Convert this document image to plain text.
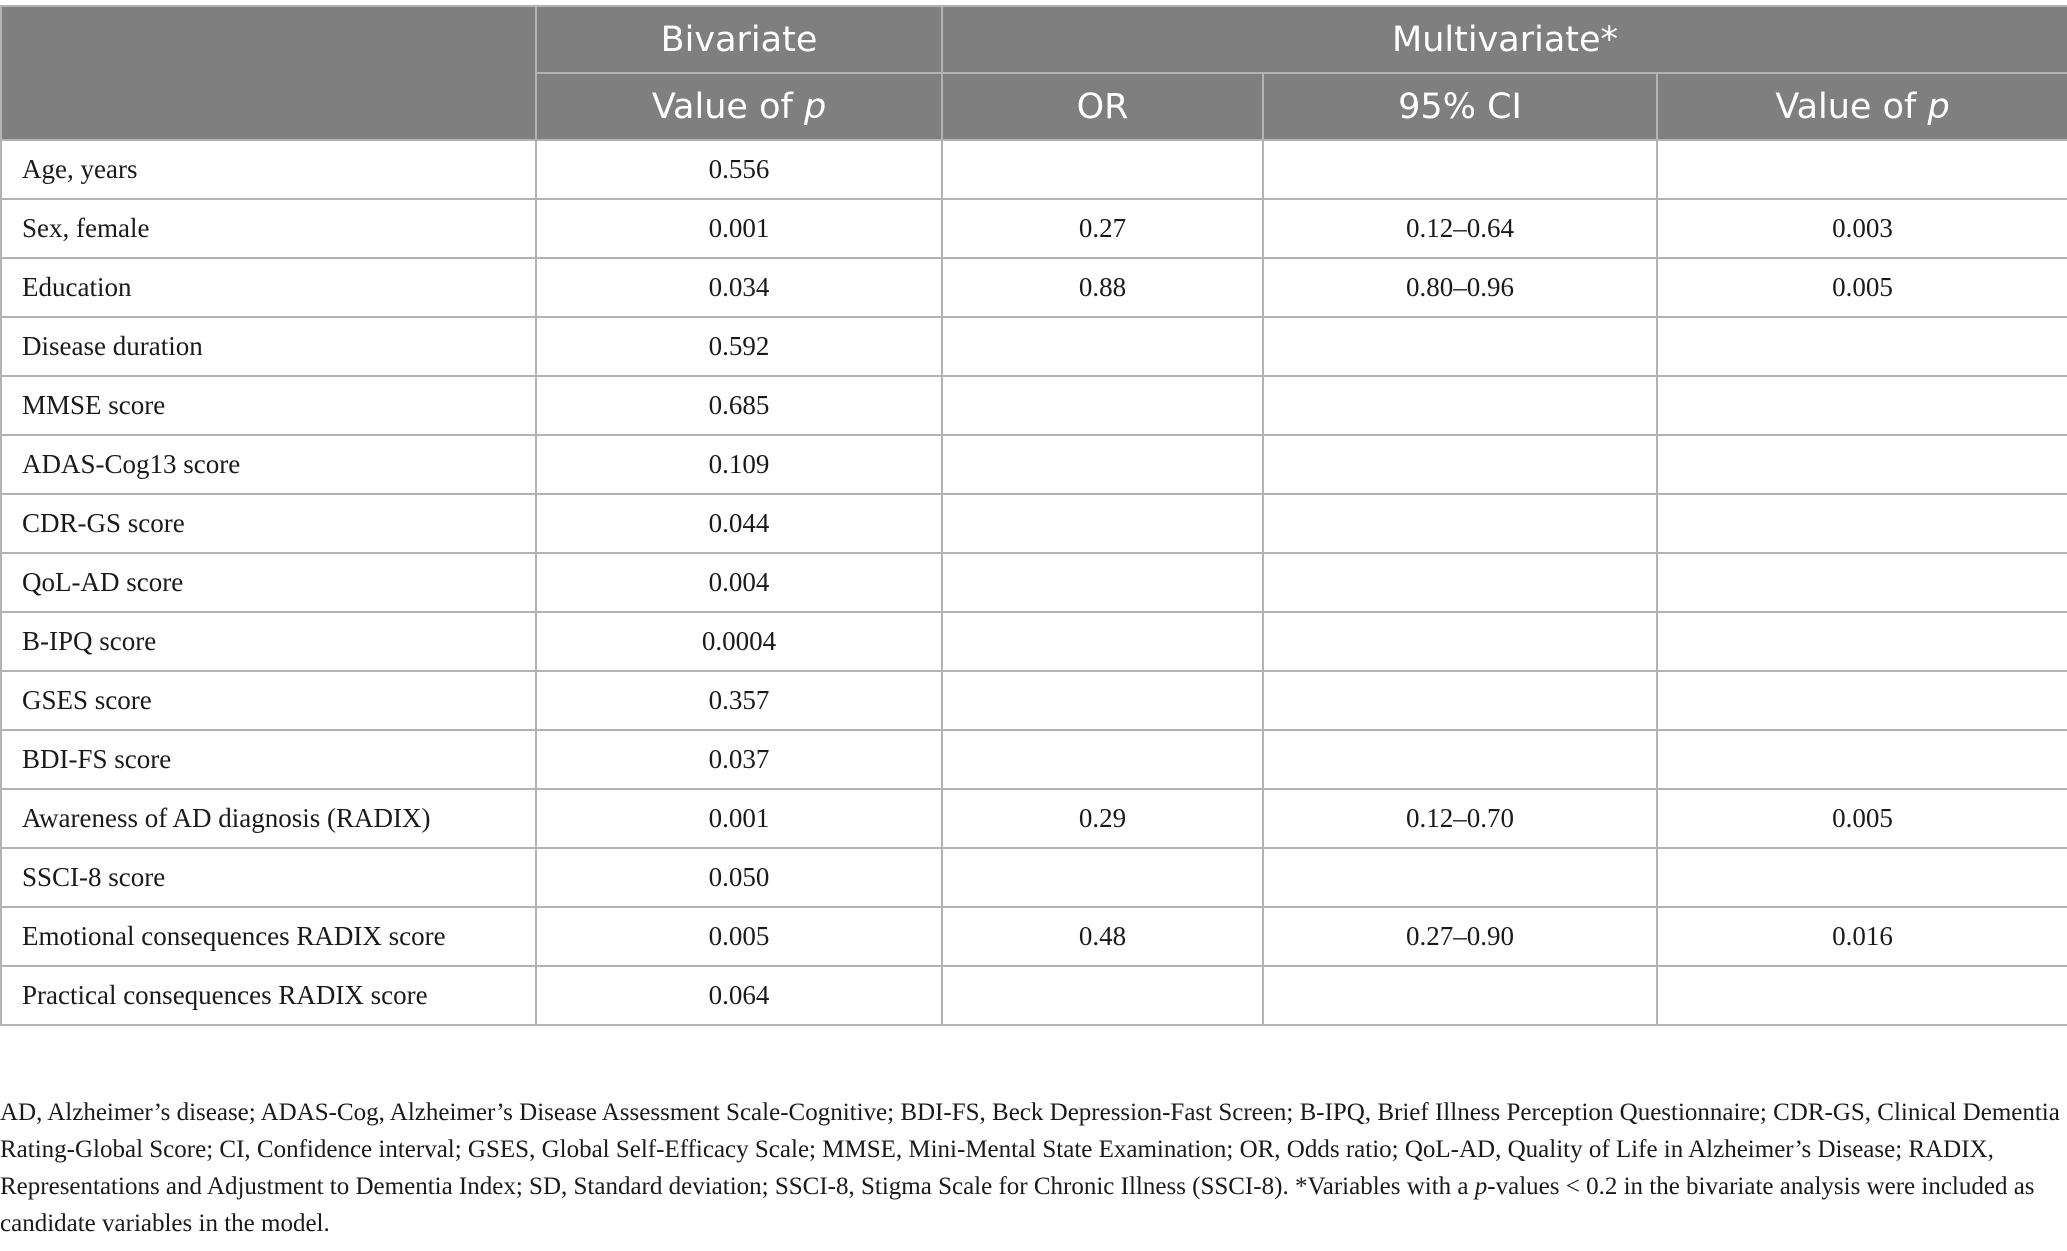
	Bivariate	Multivariate*		
	Value of p	OR	95% CI	Value of p
Age, years	0.556			
Sex, female	0.001	0.27	0.12–0.64	0.003
Education	0.034	0.88	0.80–0.96	0.005
Disease duration	0.592			
MMSE score	0.685			
ADAS-Cog13 score	0.109			
CDR-GS score	0.044			
QoL-AD score	0.004			
B-IPQ score	0.0004			
GSES score	0.357			
BDI-FS score	0.037			
Awareness of AD diagnosis (RADIX)	0.001	0.29	0.12–0.70	0.005
SSCI-8 score	0.050			
Emotional consequences RADIX score	0.005	0.48	0.27–0.90	0.016
Practical consequences RADIX score	0.064			
AD, Alzheimer’s disease; ADAS-Cog, Alzheimer’s Disease Assessment Scale-Cognitive; BDI-FS, Beck Depression-Fast Screen; B-IPQ, Brief Illness Perception Questionnaire; CDR-GS, Clinical Dementia Rating-Global Score; CI, Confidence interval; GSES, Global Self-Efficacy Scale; MMSE, Mini-Mental State Examination; OR, Odds ratio; QoL-AD, Quality of Life in Alzheimer’s Disease; RADIX, Representations and Adjustment to Dementia Index; SD, Standard deviation; SSCI-8, Stigma Scale for Chronic Illness (SSCI-8). *Variables with a p-values < 0.2 in the bivariate analysis were included as candidate variables in the model.
